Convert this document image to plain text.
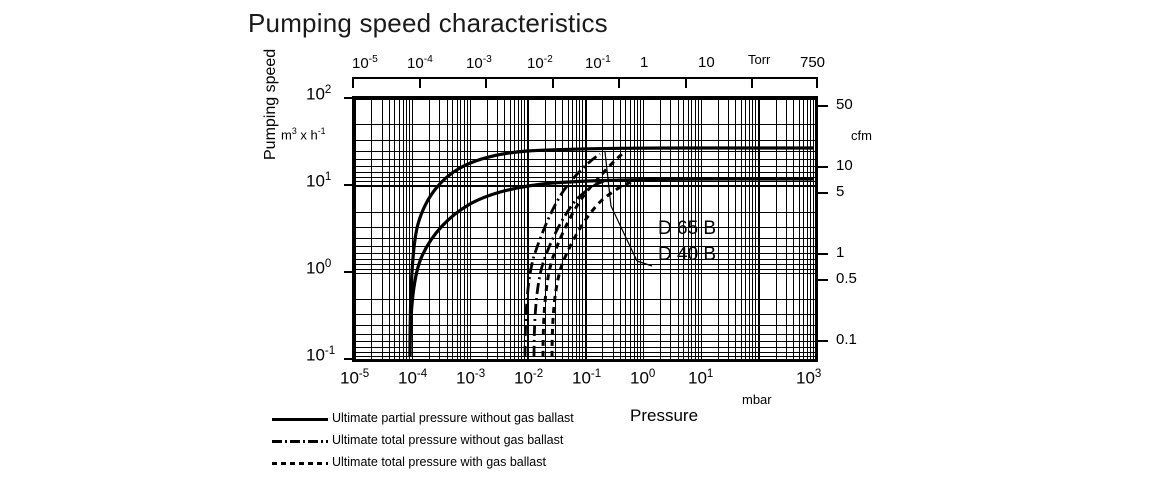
Pumping speed characteristics
$10^{-5}$ $10^{-4}$ $10^{-3}$ $10^{-2}$ $10^{-1}$ 1	10	Torr 750
D 65 B
D 40 B
Pumping speed $m^3$ x $h^{-1}$
$10^2$
$10^1$
$10^0$
$10^{-1}$
50
cfm
10
5
1
0.5
0.1
$10^{-5}$ $10^{-4}$ $10^{-3}$ $10^{-2}$ $10^{-1}$ $10^0$ $10^1$	$10^3$
mbar
Pressure
Ultimate partial pressure without gas ballast
Ultimate total pressure without gas ballast
Ultimate total pressure with gas ballast
